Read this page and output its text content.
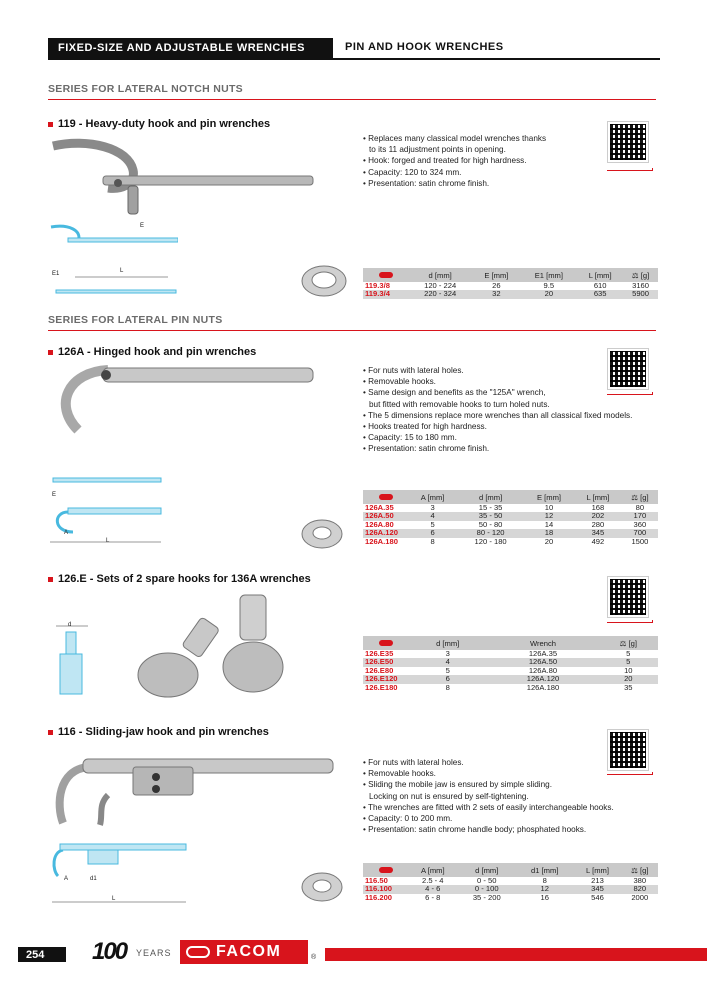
FIXED-SIZE AND ADJUSTABLE WRENCHES	PIN AND HOOK WRENCHES
SERIES FOR LATERAL NOTCH NUTS
119 - Heavy-duty hook and pin wrenches
E
L
E1
• Replaces many classical model wrenches thanks
to its 11 adjustment points in opening.
• Hook: forged and treated for high hardness.
• Capacity: 120 to 324 mm.
• Presentation: satin chrome finish.
	d [mm]	E [mm]	E1 [mm]	L [mm]	⚖ [g]
119.3/8	120 - 224	26	9.5	610	3160
119.3/4	220 - 324	32	20	635	5900
SERIES FOR LATERAL PIN NUTS
126A - Hinged hook and pin wrenches
E
A
L
• For nuts with lateral holes.
• Removable hooks.
• Same design and benefits as the "125A" wrench,
but fitted with removable hooks to turn holed nuts.
• The 5 dimensions replace more wrenches than all classical fixed models.
• Hooks treated for high hardness.
• Capacity: 15 to 180 mm.
• Presentation: satin chrome finish.
	A [mm]	d [mm]	E [mm]	L [mm]	⚖ [g]
126A.35	3	15 - 35	10	168	80
126A.50	4	35 - 50	12	202	170
126A.80	5	50 - 80	14	280	360
126A.120	6	80 - 120	18	345	700
126A.180	8	120 - 180	20	492	1500
126.E - Sets of 2 spare hooks for 136A wrenches
d
	d [mm]	Wrench	⚖ [g]
126.E35	3	126A.35	5
126.E50	4	126A.50	5
126.E80	5	126A.80	10
126.E120	6	126A.120	20
126.E180	8	126A.180	35
116 - Sliding-jaw hook and pin wrenches
A	d1
L
• For nuts with lateral holes.
• Removable hooks.
• Sliding the mobile jaw is ensured by simple sliding.
Locking on nut is ensured by self-tightening.
• The wrenches are fitted with 2 sets of easily interchangeable hooks.
• Capacity: 0 to 200 mm.
• Presentation: satin chrome handle body; phosphated hooks.
	A [mm]	d [mm]	d1 [mm]	L [mm]	⚖ [g]
116.50	2.5 - 4	0 - 50	8	213	380
116.100	4 - 6	0 - 100	12	345	820
116.200	6 - 8	35 - 200	16	546	2000
254	100 YEARS	FACOM	®
